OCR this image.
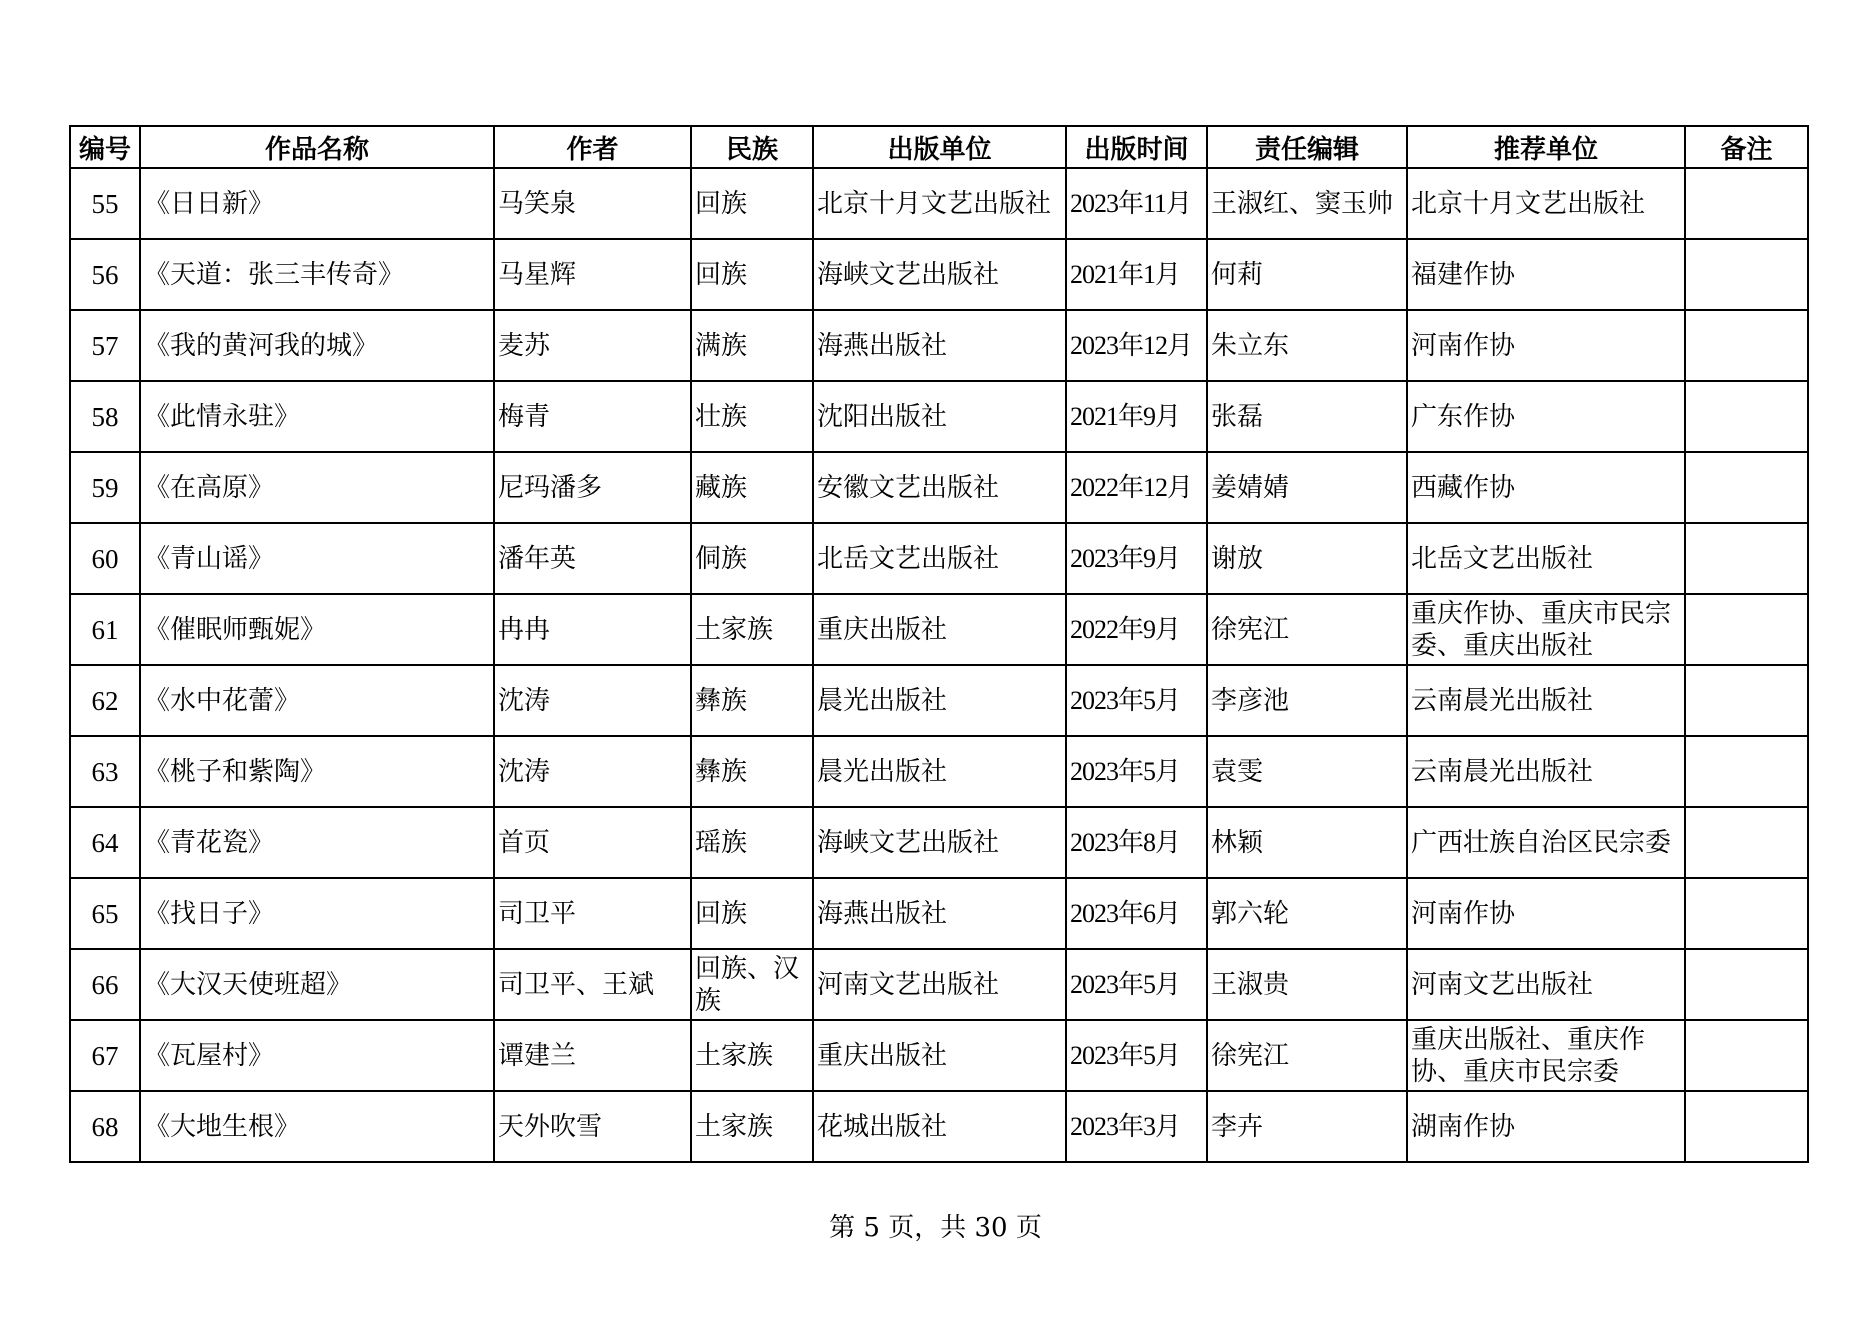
编号	作品名称	作者	民族	出版单位	出版时间	责任编辑	推荐单位	备注
55	《日日新》	马笑泉	回族	北京十月文艺出版社	2023年11月	王淑红、窦玉帅	北京十月文艺出版社	
56	《天道：张三丰传奇》	马星辉	回族	海峡文艺出版社	2021年1月	何莉	福建作协	
57	《我的黄河我的城》	麦苏	满族	海燕出版社	2023年12月	朱立东	河南作协	
58	《此情永驻》	梅青	壮族	沈阳出版社	2021年9月	张磊	广东作协	
59	《在高原》	尼玛潘多	藏族	安徽文艺出版社	2022年12月	姜婧婧	西藏作协	
60	《青山谣》	潘年英	侗族	北岳文艺出版社	2023年9月	谢放	北岳文艺出版社	
61	《催眠师甄妮》	冉冉	土家族	重庆出版社	2022年9月	徐宪江	重庆作协、重庆市民宗委、重庆出版社	
62	《水中花蕾》	沈涛	彝族	晨光出版社	2023年5月	李彦池	云南晨光出版社	
63	《桃子和紫陶》	沈涛	彝族	晨光出版社	2023年5月	袁雯	云南晨光出版社	
64	《青花瓷》	首页	瑶族	海峡文艺出版社	2023年8月	林颖	广西壮族自治区民宗委	
65	《找日子》	司卫平	回族	海燕出版社	2023年6月	郭六轮	河南作协	
66	《大汉天使班超》	司卫平、王斌	回族、汉族	河南文艺出版社	2023年5月	王淑贵	河南文艺出版社	
67	《瓦屋村》	谭建兰	土家族	重庆出版社	2023年5月	徐宪江	重庆出版社、重庆作协、重庆市民宗委	
68	《大地生根》	天外吹雪	土家族	花城出版社	2023年3月	李卉	湖南作协	
第 5 页，共 30 页
